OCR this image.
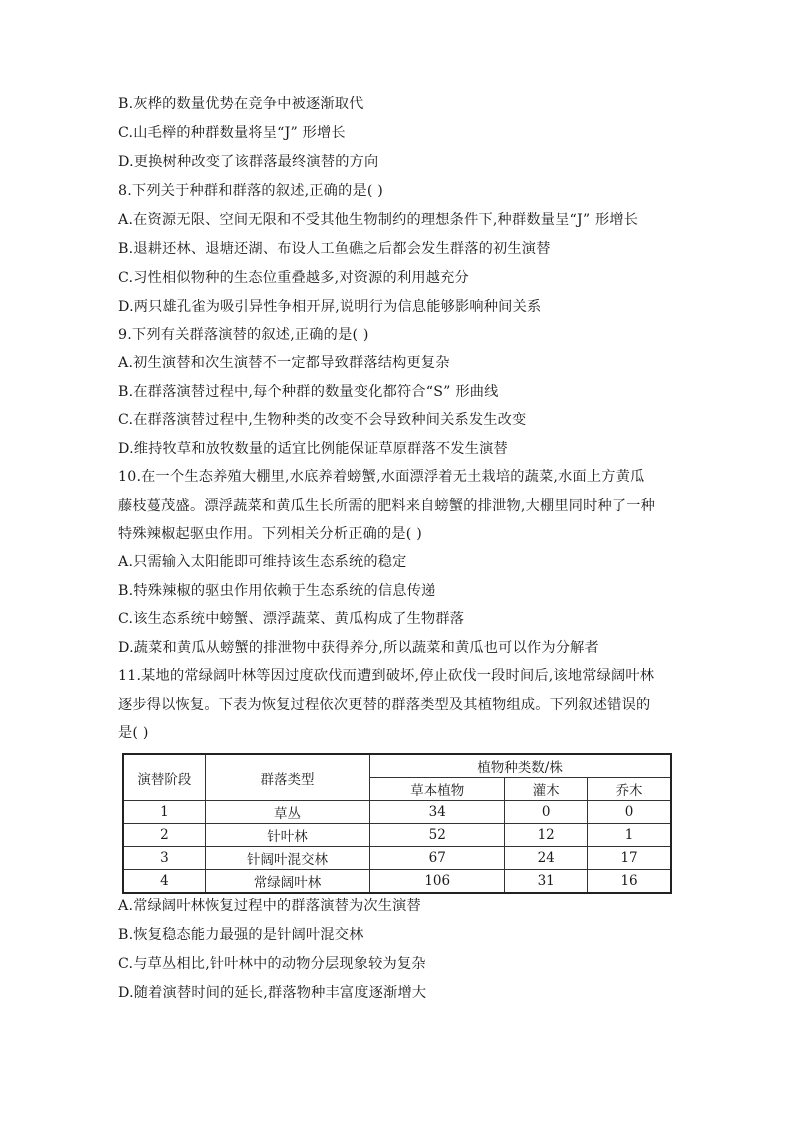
B.灰桦的数量优势在竞争中被逐渐取代
C.山毛榉的种群数量将呈“J” 形增长
D.更换树种改变了该群落最终演替的方向
8.下列关于种群和群落的叙述,正确的是( )
A.在资源无限、空间无限和不受其他生物制约的理想条件下,种群数量呈“J” 形增长
B.退耕还林、退塘还湖、布设人工鱼礁之后都会发生群落的初生演替
C.习性相似物种的生态位重叠越多,对资源的利用越充分
D.两只雄孔雀为吸引异性争相开屏,说明行为信息能够影响种间关系
9.下列有关群落演替的叙述,正确的是( )
A.初生演替和次生演替不一定都导致群落结构更复杂
B.在群落演替过程中,每个种群的数量变化都符合“S” 形曲线
C.在群落演替过程中,生物种类的改变不会导致种间关系发生改变
D.维持牧草和放牧数量的适宜比例能保证草原群落不发生演替
10.在一个生态养殖大棚里,水底养着螃蟹,水面漂浮着无土栽培的蔬菜,水面上方黄瓜
藤枝蔓茂盛。漂浮蔬菜和黄瓜生长所需的肥料来自螃蟹的排泄物,大棚里同时种了一种
特殊辣椒起驱虫作用。下列相关分析正确的是( )
A.只需输入太阳能即可维持该生态系统的稳定
B.特殊辣椒的驱虫作用依赖于生态系统的信息传递
C.该生态系统中螃蟹、漂浮蔬菜、黄瓜构成了生物群落
D.蔬菜和黄瓜从螃蟹的排泄物中获得养分,所以蔬菜和黄瓜也可以作为分解者
11.某地的常绿阔叶林等因过度砍伐而遭到破坏,停止砍伐一段时间后,该地常绿阔叶林
逐步得以恢复。下表为恢复过程依次更替的群落类型及其植物组成。下列叙述错误的
是( )
演替阶段	群落类型	植物种类数/株		
		草本植物	灌木	乔木
1	草丛	34	0	0
2	针叶林	52	12	1
3	针阔叶混交林	67	24	17
4	常绿阔叶林	106	31	16
A.常绿阔叶林恢复过程中的群落演替为次生演替
B.恢复稳态能力最强的是针阔叶混交林
C.与草丛相比,针叶林中的动物分层现象较为复杂
D.随着演替时间的延长,群落物种丰富度逐渐增大
